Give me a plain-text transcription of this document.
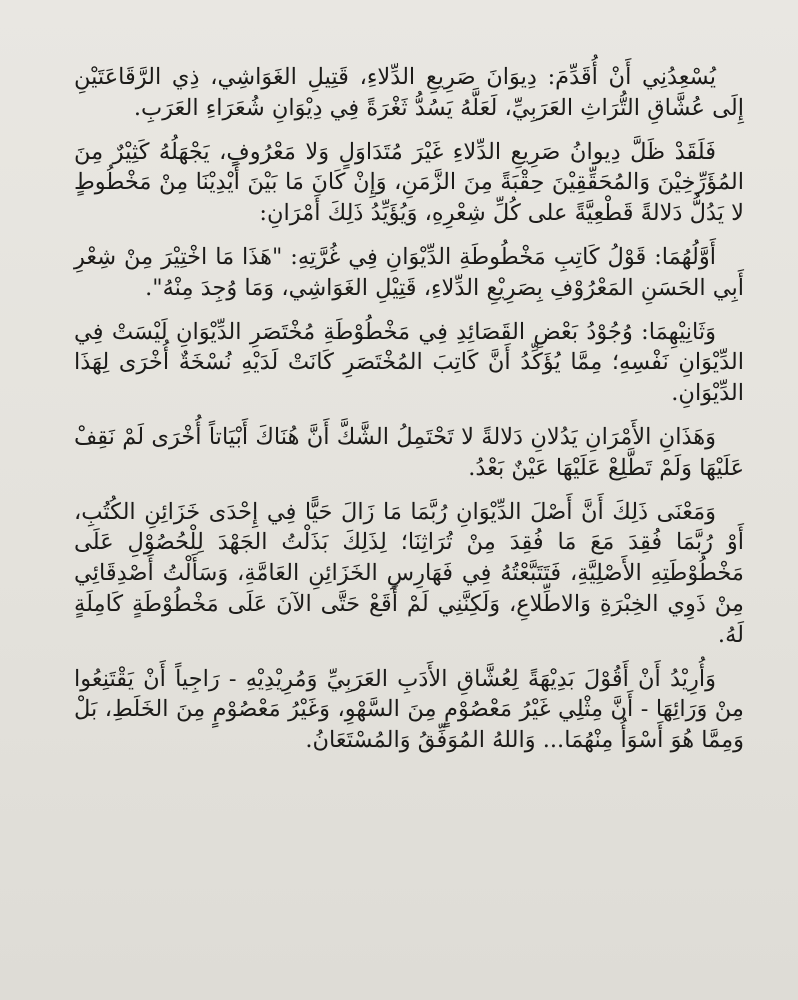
يُسْعِدُنِي أَنْ أُقَدِّمَ: دِيوَانَ صَرِيعِ الدِّلاءِ، قَتِيلِ الغَوَاشِي، ذِي الرَّقَاعَتَيْنِ إِلَى عُشَّاقِ التُّرَاثِ العَرَبِيِّ، لَعَلَّهُ يَسُدُّ ثَغْرَةً فِي دِيْوَانِ شُعَرَاءِ العَرَبِ.

فَلَقَدْ ظَلَّ دِيوانُ صَرِيعِ الدِّلاءِ غَيْرَ مُتَدَاوَلٍ وَلا مَعْرُوفٍ، يَجْهَلُهُ كَثِيْرٌ مِنَ المُؤَرِّخِيْنَ وَالمُحَقِّقِيْنَ حِقْبَةً مِنَ الزَّمَنِ، وَإِنْ كَانَ مَا بَيْنَ أَيْدِيْنَا مِنْ مَخْطُوطٍ لا يَدُلُّ دَلالةً قَطْعِيَّةً على كُلِّ شِعْرِهِ، وَيُؤَيِّدُ ذَلِكَ أَمْرَانِ:

أَوَّلُهُمَا: قَوْلُ كَاتِبِ مَخْطُوطَةِ الدِّيْوَانِ فِي غُرَّتِهِ: "هَذَا مَا اخْتِيْرَ مِنْ شِعْرِ أَبِي الحَسَنِ المَعْرُوْفِ بِصَرِيْعِ الدِّلاءِ، قَتِيْلِ الغَوَاشِي، وَمَا وُجِدَ مِنْهُ".

وَثَانِيْهِمَا: وُجُوْدُ بَعْضِ القَصَائِدِ فِي مَخْطُوْطَةِ مُخْتَصَرِ الدِّيْوَانِ لَيْسَتْ فِي الدِّيْوَانِ نَفْسِهِ؛ مِمَّا يُؤَكِّدُ أَنَّ كَاتِبَ المُخْتَصَرِ كَانَتْ لَدَيْهِ نُسْخَةٌ أُخْرَى لِهَذَا الدِّيْوَانِ.

وَهَذَانِ الأَمْرَانِ يَدُلانِ دَلالةً لا تَحْتَمِلُ الشَّكَّ أَنَّ هُنَاكَ أَبْيَاتاً أُخْرَى لَمْ نَقِفْ عَلَيْهَا وَلَمْ تَطَّلِعْ عَلَيْهَا عَيْنٌ بَعْدُ.

وَمَعْنَى ذَلِكَ أَنَّ أَصْلَ الدِّيْوَانِ رُبَّمَا مَا زَالَ حَيًّا فِي إِحْدَى خَزَائِنِ الكُتُبِ، أَوْ رُبَّمَا فُقِدَ مَعَ مَا فُقِدَ مِنْ تُرَاثِنَا؛ لِذَلِكَ بَذَلْتُ الجَهْدَ لِلْحُصُوْلِ عَلَى مَخْطُوْطَتِهِ الأَصْلِيَّةِ، فَتَتَبَّعْتُهُ فِي فَهَارِسِ الخَزَائِنِ العَامَّةِ، وَسَأَلْتُ أَصْدِقَائِي مِنْ ذَوِي الخِبْرَةِ وَالاطِّلاعِ، وَلَكِنَّنِي لَمْ أَقَعْ حَتَّى الآنَ عَلَى مَخْطُوْطَةٍ كَامِلَةٍ لَهُ.

وَأُرِيْدُ أَنْ أَقُوْلَ بَدِيْهَةً لِعُشَّاقِ الأَدَبِ العَرَبِيِّ وَمُرِيْدِيْهِ - رَاجِياً أَنْ يَقْتَنِعُوا مِنْ وَرَائِهَا - أَنَّ مِثْلِي غَيْرُ مَعْصُوْمٍ مِنَ السَّهْوِ، وَغَيْرُ مَعْصُوْمٍ مِنَ الخَلَطِ، بَلْ وَمِمَّا هُوَ أَسْوَأُ مِنْهُمَا... وَاللهُ المُوَفِّقُ وَالمُسْتَعَانُ.
